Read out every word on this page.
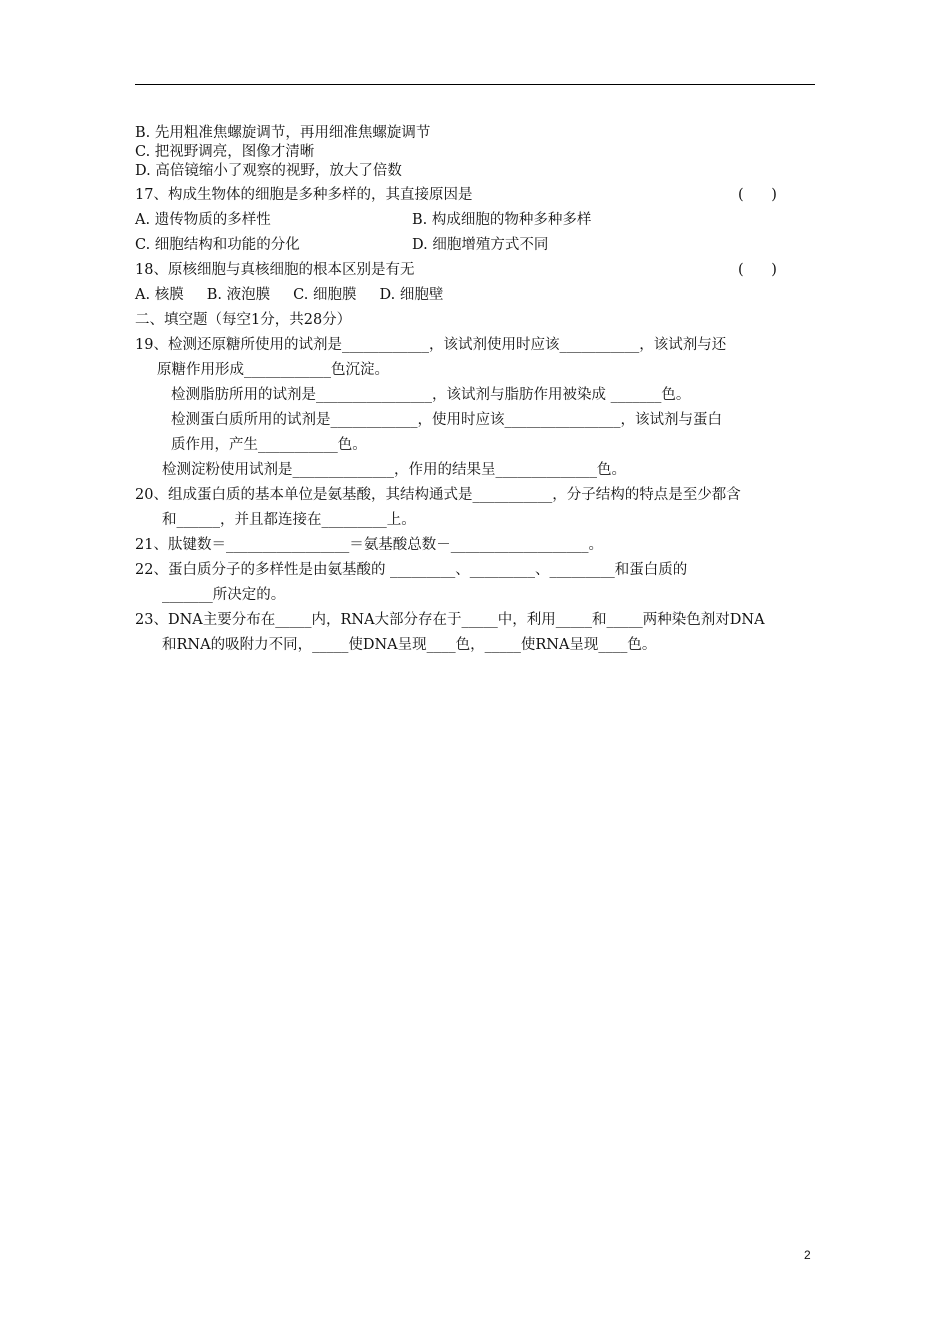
B. 先用粗准焦螺旋调节，再用细准焦螺旋调节
C. 把视野调亮，图像才清晰
D. 高倍镜缩小了观察的视野，放大了倍数
17、构成生物体的细胞是多种多样的，其直接原因是	(      )
A. 遗传物质的多样性	B. 构成细胞的物种多种多样
C. 细胞结构和功能的分化	D. 细胞增殖方式不同
18、原核细胞与真核细胞的根本区别是有无	(      )
A. 核膜     B. 液泡膜     C. 细胞膜     D. 细胞壁
二、填空题（每空1分，共28分）
19、检测还原糖所使用的试剂是____________，该试剂使用时应该___________，该试剂与还
原糖作用形成____________色沉淀。
检测脂肪所用的试剂是________________，该试剂与脂肪作用被染成 _______色。
检测蛋白质所用的试剂是____________，使用时应该________________，该试剂与蛋白
质作用，产生___________色。
检测淀粉使用试剂是______________，作用的结果呈______________色。
20、组成蛋白质的基本单位是氨基酸，其结构通式是___________，分子结构的特点是至少都含
和______，并且都连接在_________上。
21、肽键数＝_________________＝氨基酸总数－___________________。
22、蛋白质分子的多样性是由氨基酸的 _________、_________、_________和蛋白质的
_______所决定的。
23、DNA主要分布在_____内，RNA大部分存在于_____中，利用_____和_____两种染色剂对DNA
和RNA的吸附力不同，_____使DNA呈现____色，_____使RNA呈现____色。
2
